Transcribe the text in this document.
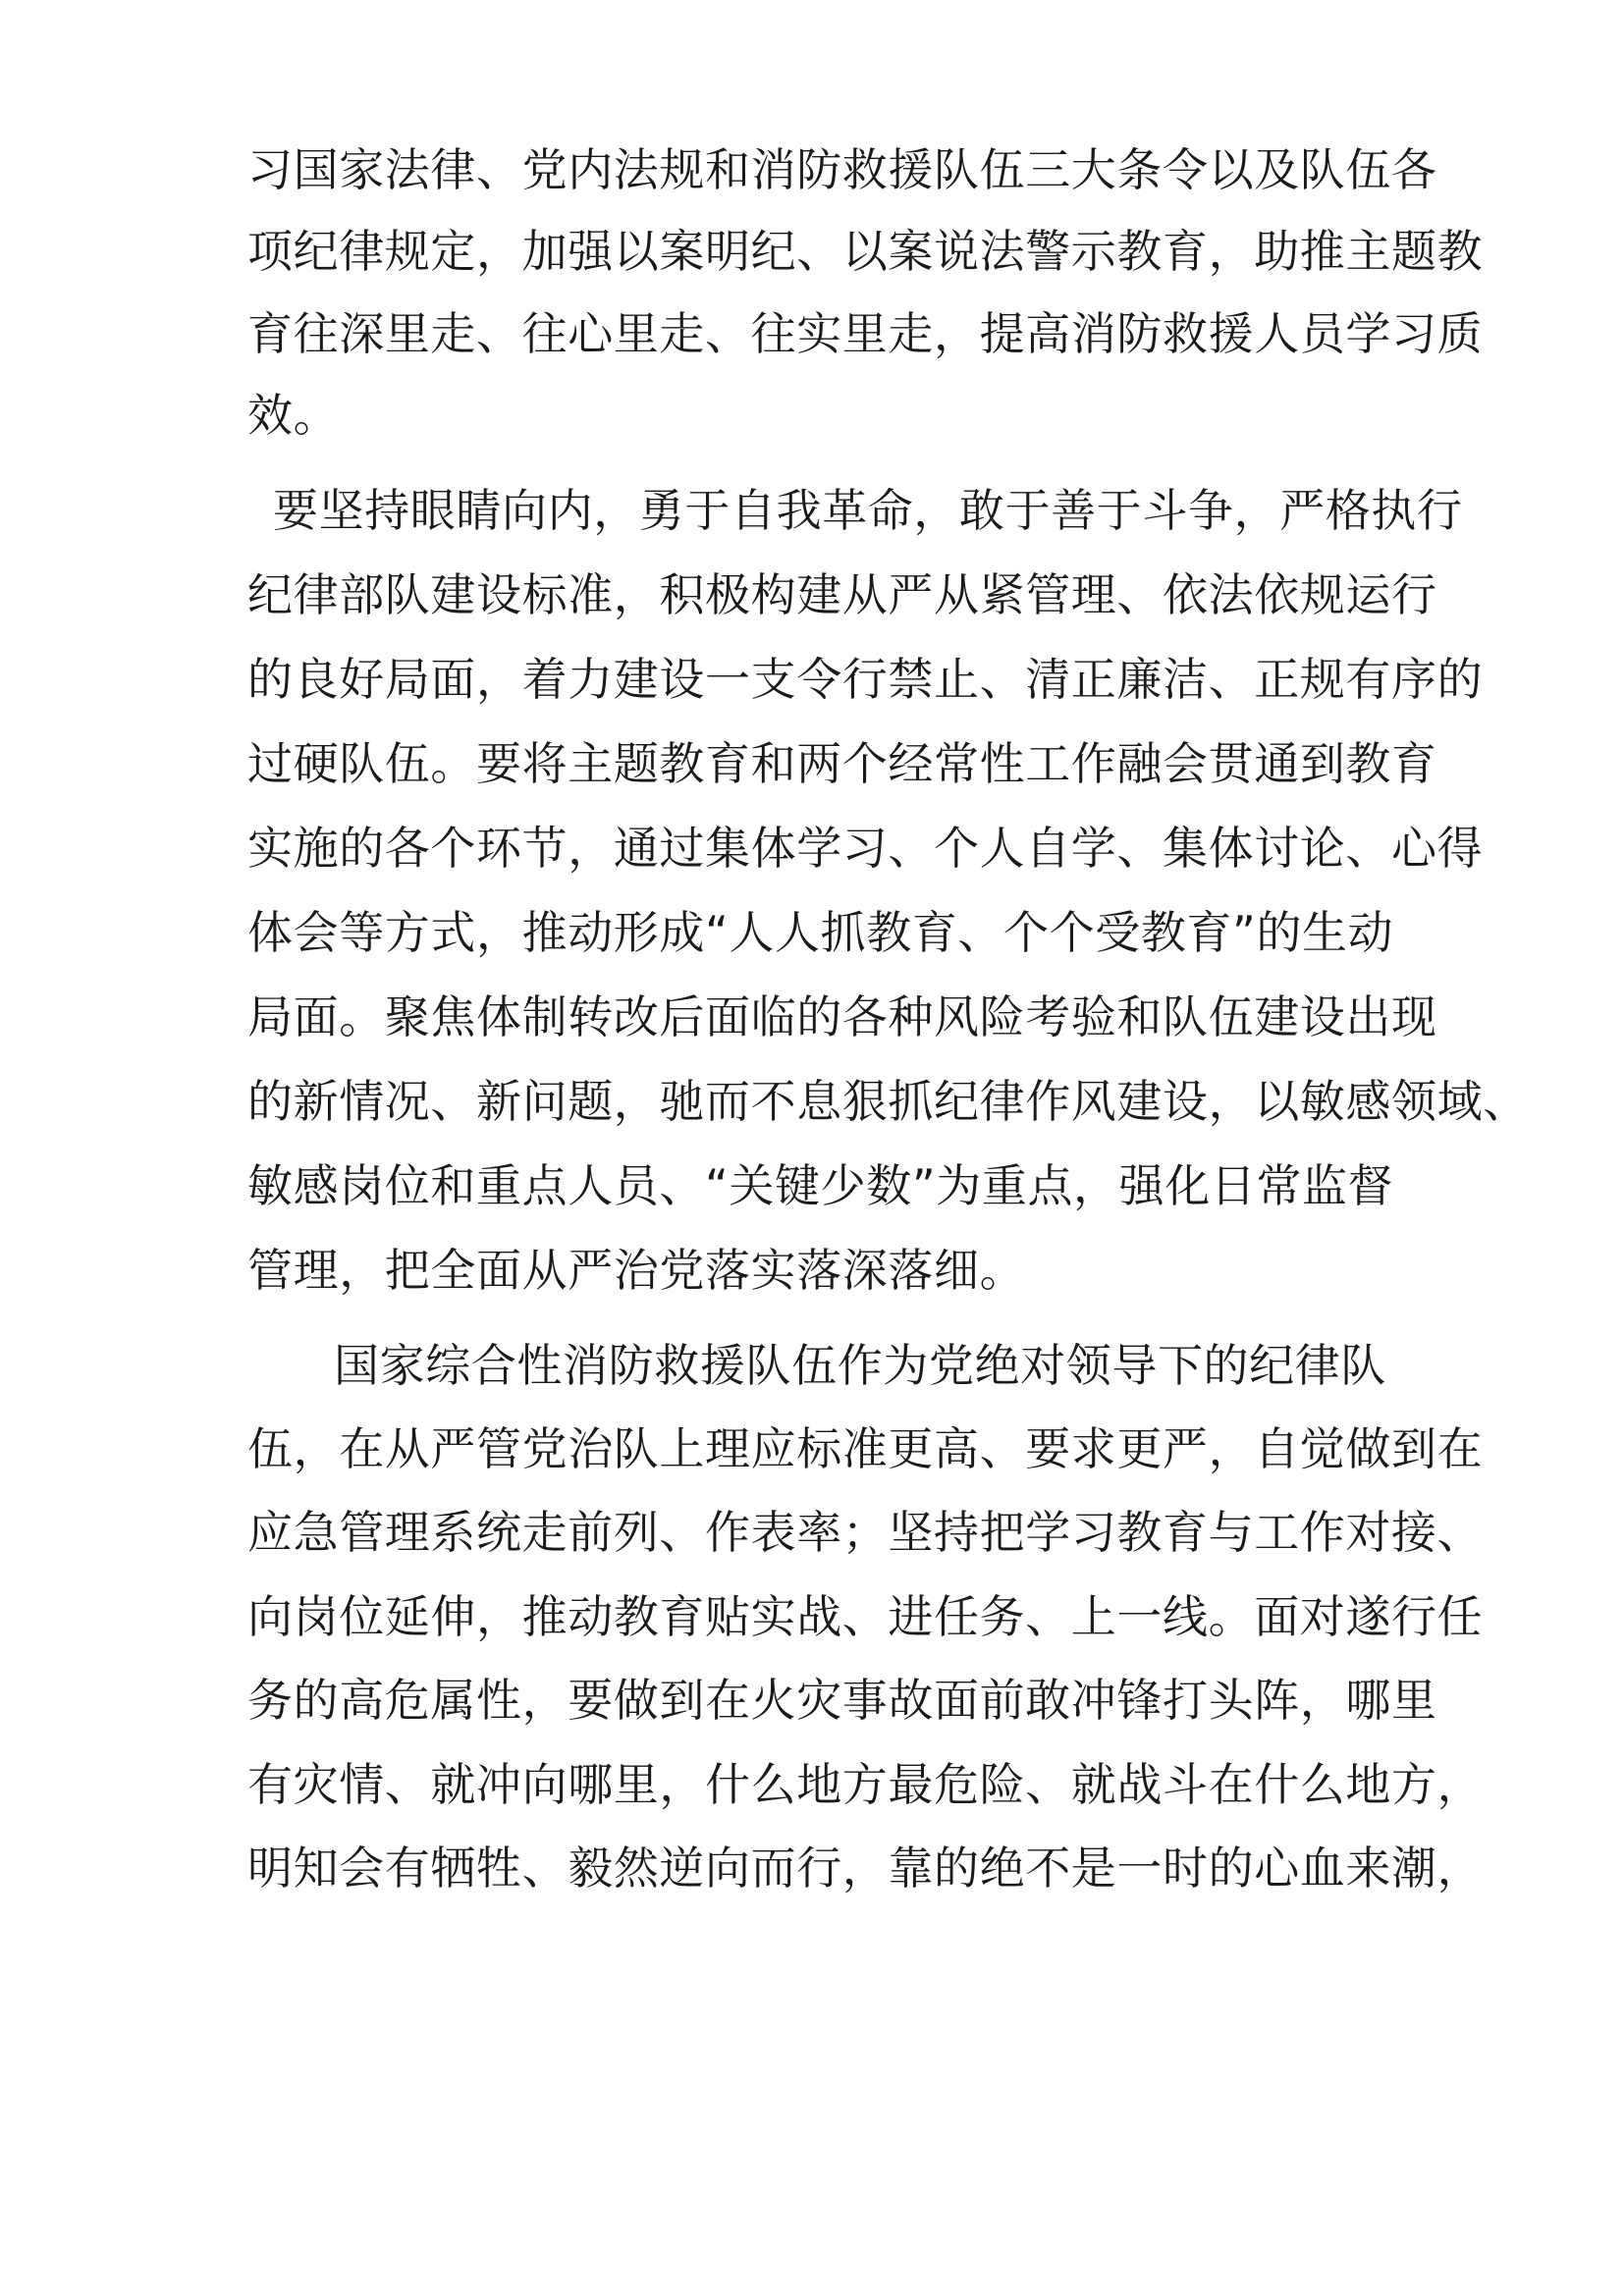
习国家法律、党内法规和消防救援队伍三大条令以及队伍各
项纪律规定，加强以案明纪、以案说法警示教育，助推主题教
育往深里走、往心里走、往实里走，提高消防救援人员学习质
效。
要坚持眼睛向内，勇于自我革命，敢于善于斗争，严格执行
纪律部队建设标准，积极构建从严从紧管理、依法依规运行
的良好局面，着力建设一支令行禁止、清正廉洁、正规有序的
过硬队伍。要将主题教育和两个经常性工作融会贯通到教育
实施的各个环节，通过集体学习、个人自学、集体讨论、心得
体会等方式，推动形成“人人抓教育、个个受教育”的生动
局面。聚焦体制转改后面临的各种风险考验和队伍建设出现
的新情况、新问题，驰而不息狠抓纪律作风建设，以敏感领域、
敏感岗位和重点人员、“关键少数”为重点，强化日常监督
管理，把全面从严治党落实落深落细。
国家综合性消防救援队伍作为党绝对领导下的纪律队
伍，在从严管党治队上理应标准更高、要求更严，自觉做到在
应急管理系统走前列、作表率；坚持把学习教育与工作对接、
向岗位延伸，推动教育贴实战、进任务、上一线。面对遂行任
务的高危属性，要做到在火灾事故面前敢冲锋打头阵，哪里
有灾情、就冲向哪里，什么地方最危险、就战斗在什么地方，
明知会有牺牲、毅然逆向而行，靠的绝不是一时的心血来潮，
